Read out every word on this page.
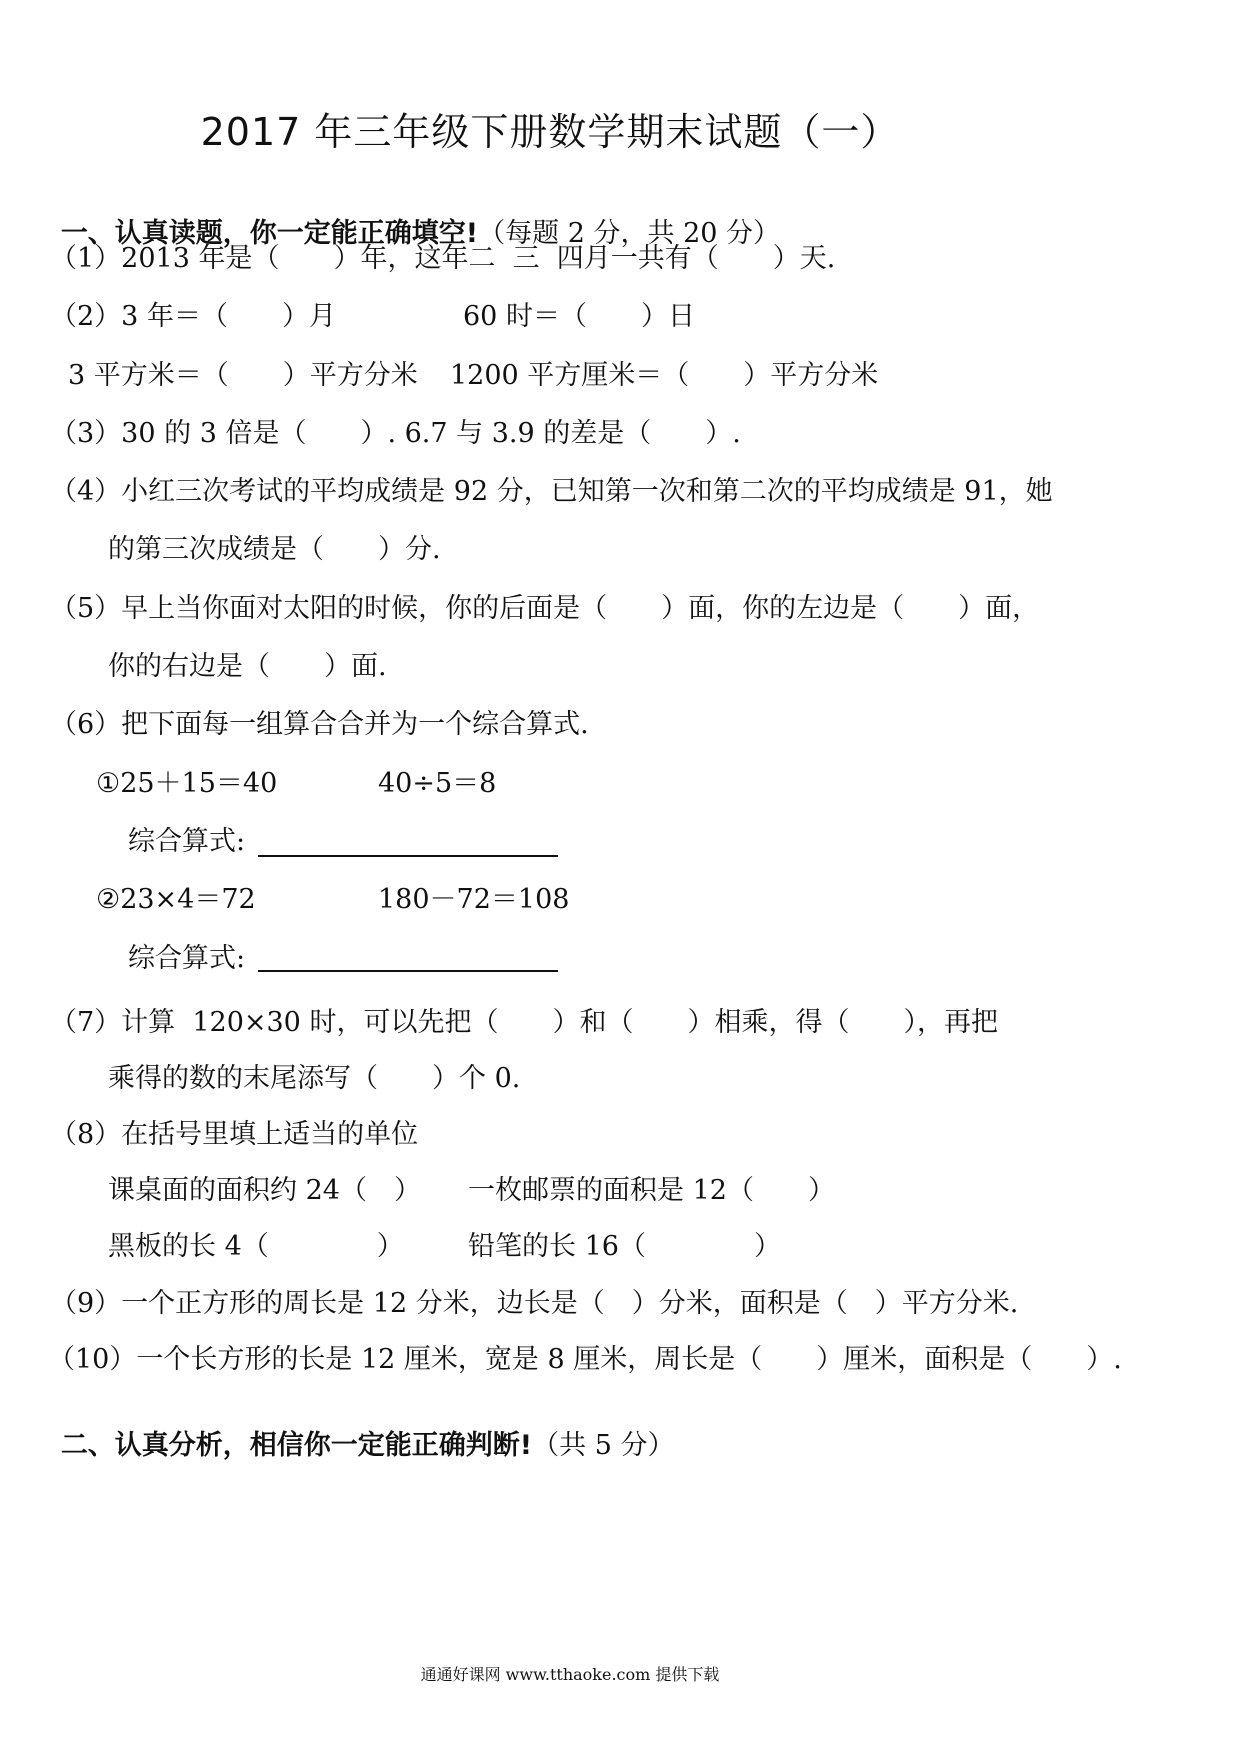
2017 年三年级下册数学期末试题（一）

一、认真读题，你一定能正确填空!（每题 2 分，共 20 分）

（1）2013 年是（　　）年，这年二  三  四月一共有（　　）天.
（2）3 年＝（　　）月	60 时＝（　　）日
3 平方米＝（　　）平方分米 1200 平方厘米＝（　　）平方分米
（3）30 的 3 倍是（　　）. 6.7 与 3.9 的差是（　　）.
（4）小红三次考试的平均成绩是 92 分，已知第一次和第二次的平均成绩是 91，她
的第三次成绩是（　　）分.
（5）早上当你面对太阳的时候，你的后面是（　　）面，你的左边是（　　）面，
你的右边是（　　）面.
（6）把下面每一组算合合并为一个综合算式.
①25＋15＝40	40÷5＝8
综合算式:
②23×4＝72	180－72＝108
综合算式:
（7）计算  120×30 时，可以先把（　　）和（　　）相乘，得（　　），再把
乘得的数的末尾添写（　　）个 0.
（8）在括号里填上适当的单位
课桌面的面积约 24（　） 一枚邮票的面积是 12（　　）
黑板的长 4（　　　　） 铅笔的长 16（　　　　）
（9）一个正方形的周长是 12 分米，边长是（　）分米，面积是（　）平方分米.
（10）一个长方形的长是 12 厘米，宽是 8 厘米，周长是（　　）厘米，面积是（　　）.

二、认真分析，相信你一定能正确判断!（共 5 分）

通通好课网 www.tthaoke.com 提供下载
